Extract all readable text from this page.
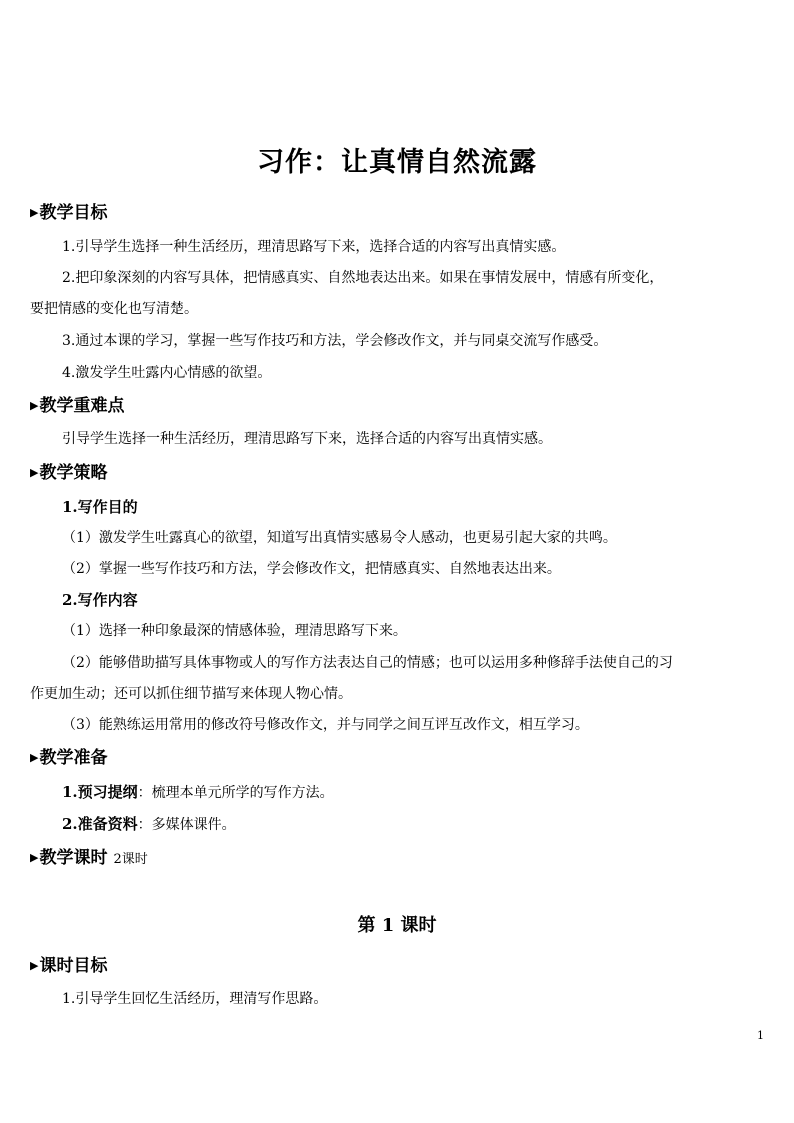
习作：让真情自然流露
▶教学目标
1.引导学生选择一种生活经历，理清思路写下来，选择合适的内容写出真情实感。
2.把印象深刻的内容写具体，把情感真实、自然地表达出来。如果在事情发展中，情感有所变化，
要把情感的变化也写清楚。
3.通过本课的学习，掌握一些写作技巧和方法，学会修改作文，并与同桌交流写作感受。
4.激发学生吐露内心情感的欲望。
▶教学重难点
引导学生选择一种生活经历，理清思路写下来，选择合适的内容写出真情实感。
▶教学策略
1.写作目的
（1）激发学生吐露真心的欲望，知道写出真情实感易令人感动，也更易引起大家的共鸣。
（2）掌握一些写作技巧和方法，学会修改作文，把情感真实、自然地表达出来。
2.写作内容
（1）选择一种印象最深的情感体验，理清思路写下来。
（2）能够借助描写具体事物或人的写作方法表达自己的情感；也可以运用多种修辞手法使自己的习
作更加生动；还可以抓住细节描写来体现人物心情。
（3）能熟练运用常用的修改符号修改作文，并与同学之间互评互改作文，相互学习。
▶教学准备
1.预习提纲：梳理本单元所学的写作方法。
2.准备资料：多媒体课件。
▶教学课时 2课时
第 1 课时
▶课时目标
1.引导学生回忆生活经历，理清写作思路。
1
